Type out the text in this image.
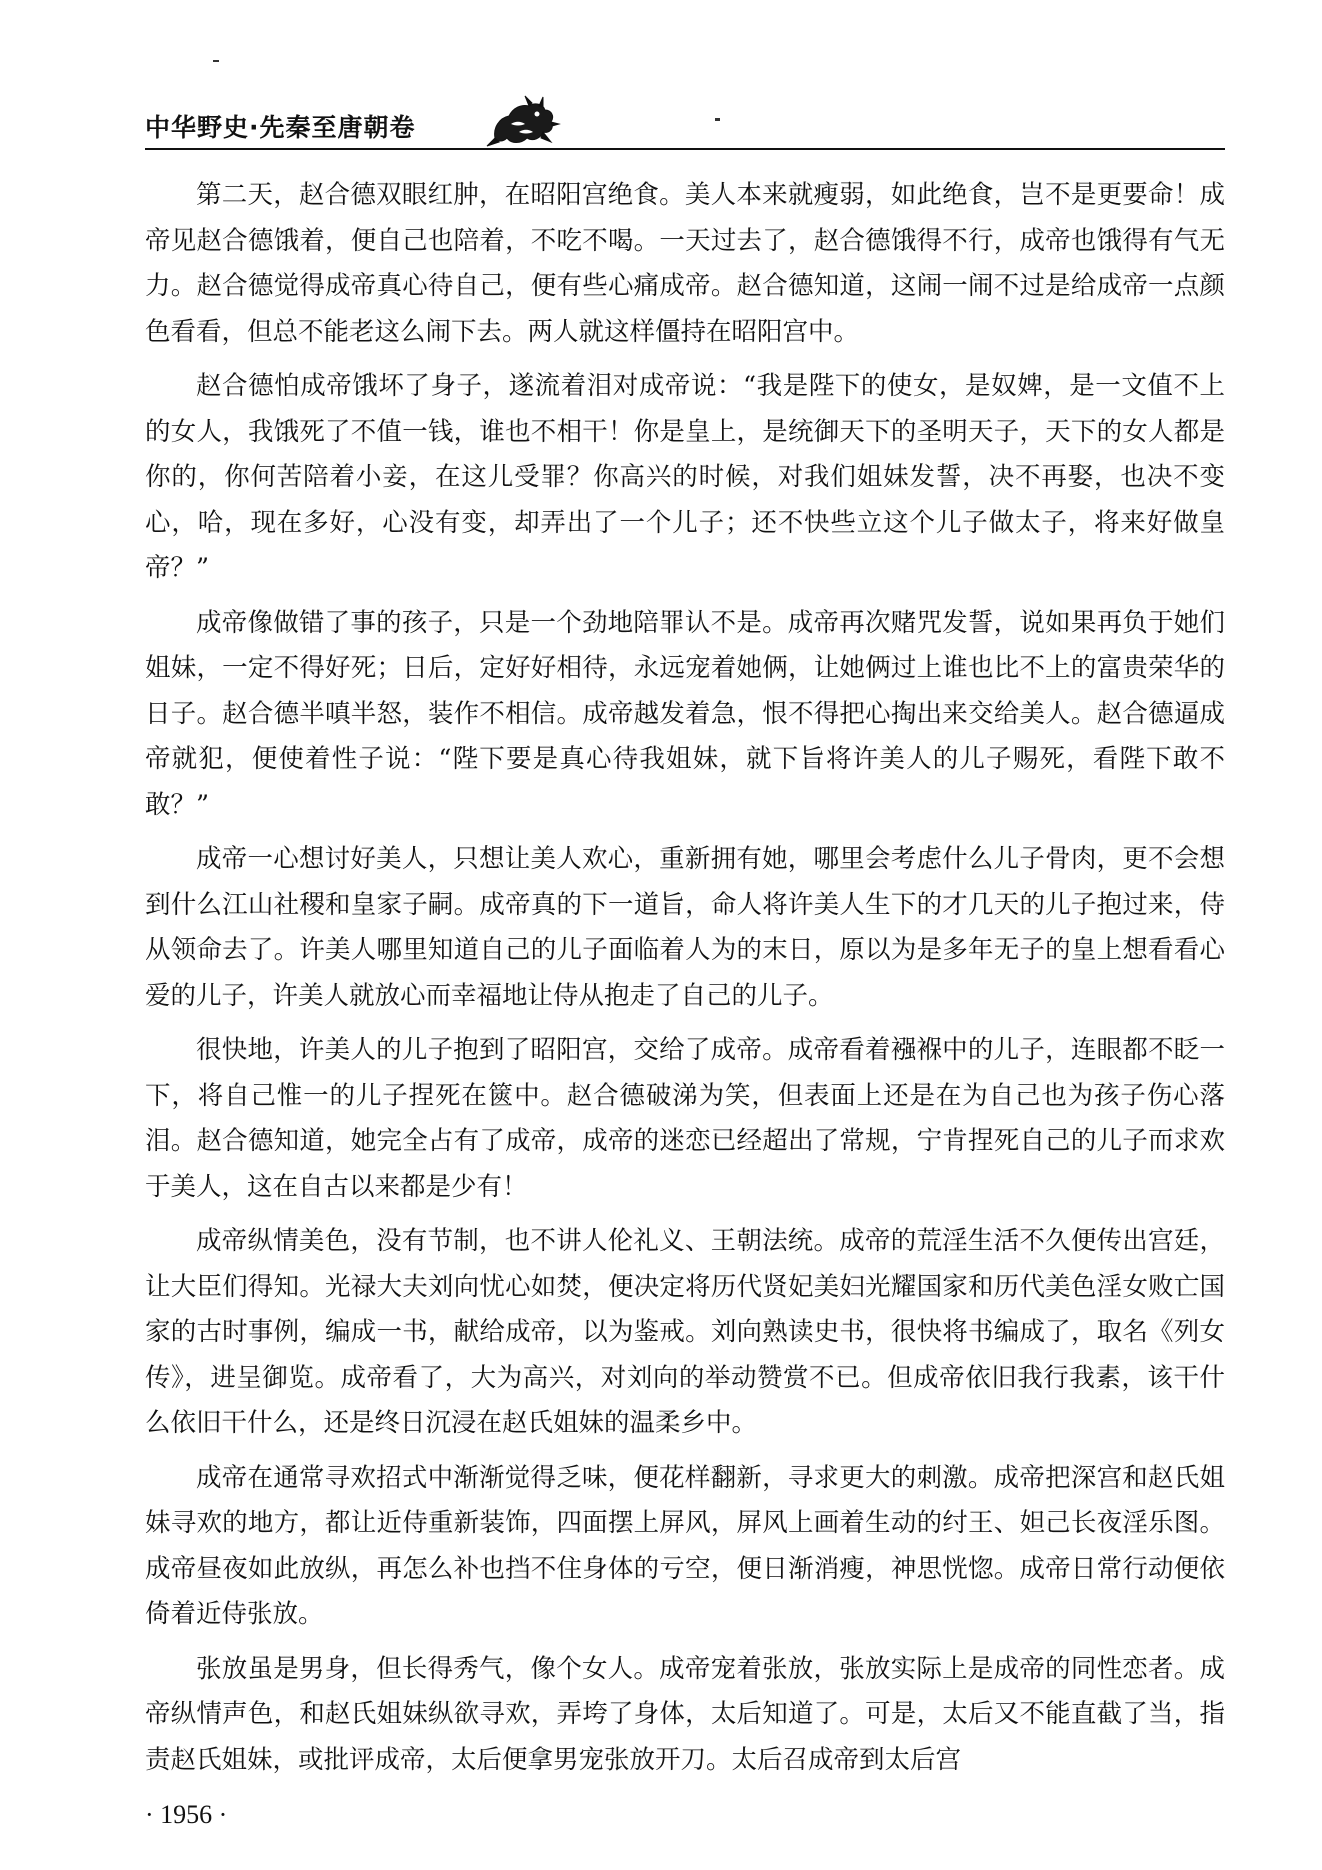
中华野史·先秦至唐朝卷

第二天，赵合德双眼红肿，在昭阳宫绝食。美人本来就瘦弱，如此绝食，岂不是更要命！成帝见赵合德饿着，便自己也陪着，不吃不喝。一天过去了，赵合德饿得不行，成帝也饿得有气无力。赵合德觉得成帝真心待自己，便有些心痛成帝。赵合德知道，这闹一闹不过是给成帝一点颜色看看，但总不能老这么闹下去。两人就这样僵持在昭阳宫中。

赵合德怕成帝饿坏了身子，遂流着泪对成帝说：“我是陛下的使女，是奴婢，是一文值不上的女人，我饿死了不值一钱，谁也不相干！你是皇上，是统御天下的圣明天子，天下的女人都是你的，你何苦陪着小妾，在这儿受罪？你高兴的时候，对我们姐妹发誓，决不再娶，也决不变心，哈，现在多好，心没有变，却弄出了一个儿子；还不快些立这个儿子做太子，将来好做皇帝？”

成帝像做错了事的孩子，只是一个劲地陪罪认不是。成帝再次赌咒发誓，说如果再负于她们姐妹，一定不得好死；日后，定好好相待，永远宠着她俩，让她俩过上谁也比不上的富贵荣华的日子。赵合德半嗔半怒，装作不相信。成帝越发着急，恨不得把心掏出来交给美人。赵合德逼成帝就犯，便使着性子说：“陛下要是真心待我姐妹，就下旨将许美人的儿子赐死，看陛下敢不敢？”

成帝一心想讨好美人，只想让美人欢心，重新拥有她，哪里会考虑什么儿子骨肉，更不会想到什么江山社稷和皇家子嗣。成帝真的下一道旨，命人将许美人生下的才几天的儿子抱过来，侍从领命去了。许美人哪里知道自己的儿子面临着人为的末日，原以为是多年无子的皇上想看看心爱的儿子，许美人就放心而幸福地让侍从抱走了自己的儿子。

很快地，许美人的儿子抱到了昭阳宫，交给了成帝。成帝看着襁褓中的儿子，连眼都不眨一下，将自己惟一的儿子捏死在篋中。赵合德破涕为笑，但表面上还是在为自己也为孩子伤心落泪。赵合德知道，她完全占有了成帝，成帝的迷恋已经超出了常规，宁肯捏死自己的儿子而求欢于美人，这在自古以来都是少有！

成帝纵情美色，没有节制，也不讲人伦礼义、王朝法统。成帝的荒淫生活不久便传出宫廷，让大臣们得知。光禄大夫刘向忧心如焚，便决定将历代贤妃美妇光耀国家和历代美色淫女败亡国家的古时事例，编成一书，献给成帝，以为鉴戒。刘向熟读史书，很快将书编成了，取名《列女传》，进呈御览。成帝看了，大为高兴，对刘向的举动赞赏不已。但成帝依旧我行我素，该干什么依旧干什么，还是终日沉浸在赵氏姐妹的温柔乡中。

成帝在通常寻欢招式中渐渐觉得乏味，便花样翻新，寻求更大的刺激。成帝把深宫和赵氏姐妹寻欢的地方，都让近侍重新装饰，四面摆上屏风，屏风上画着生动的纣王、妲己长夜淫乐图。成帝昼夜如此放纵，再怎么补也挡不住身体的亏空，便日渐消瘦，神思恍惚。成帝日常行动便依倚着近侍张放。

张放虽是男身，但长得秀气，像个女人。成帝宠着张放，张放实际上是成帝的同性恋者。成帝纵情声色，和赵氏姐妹纵欲寻欢，弄垮了身体，太后知道了。可是，太后又不能直截了当，指责赵氏姐妹，或批评成帝，太后便拿男宠张放开刀。太后召成帝到太后宫

· 1956 ·
